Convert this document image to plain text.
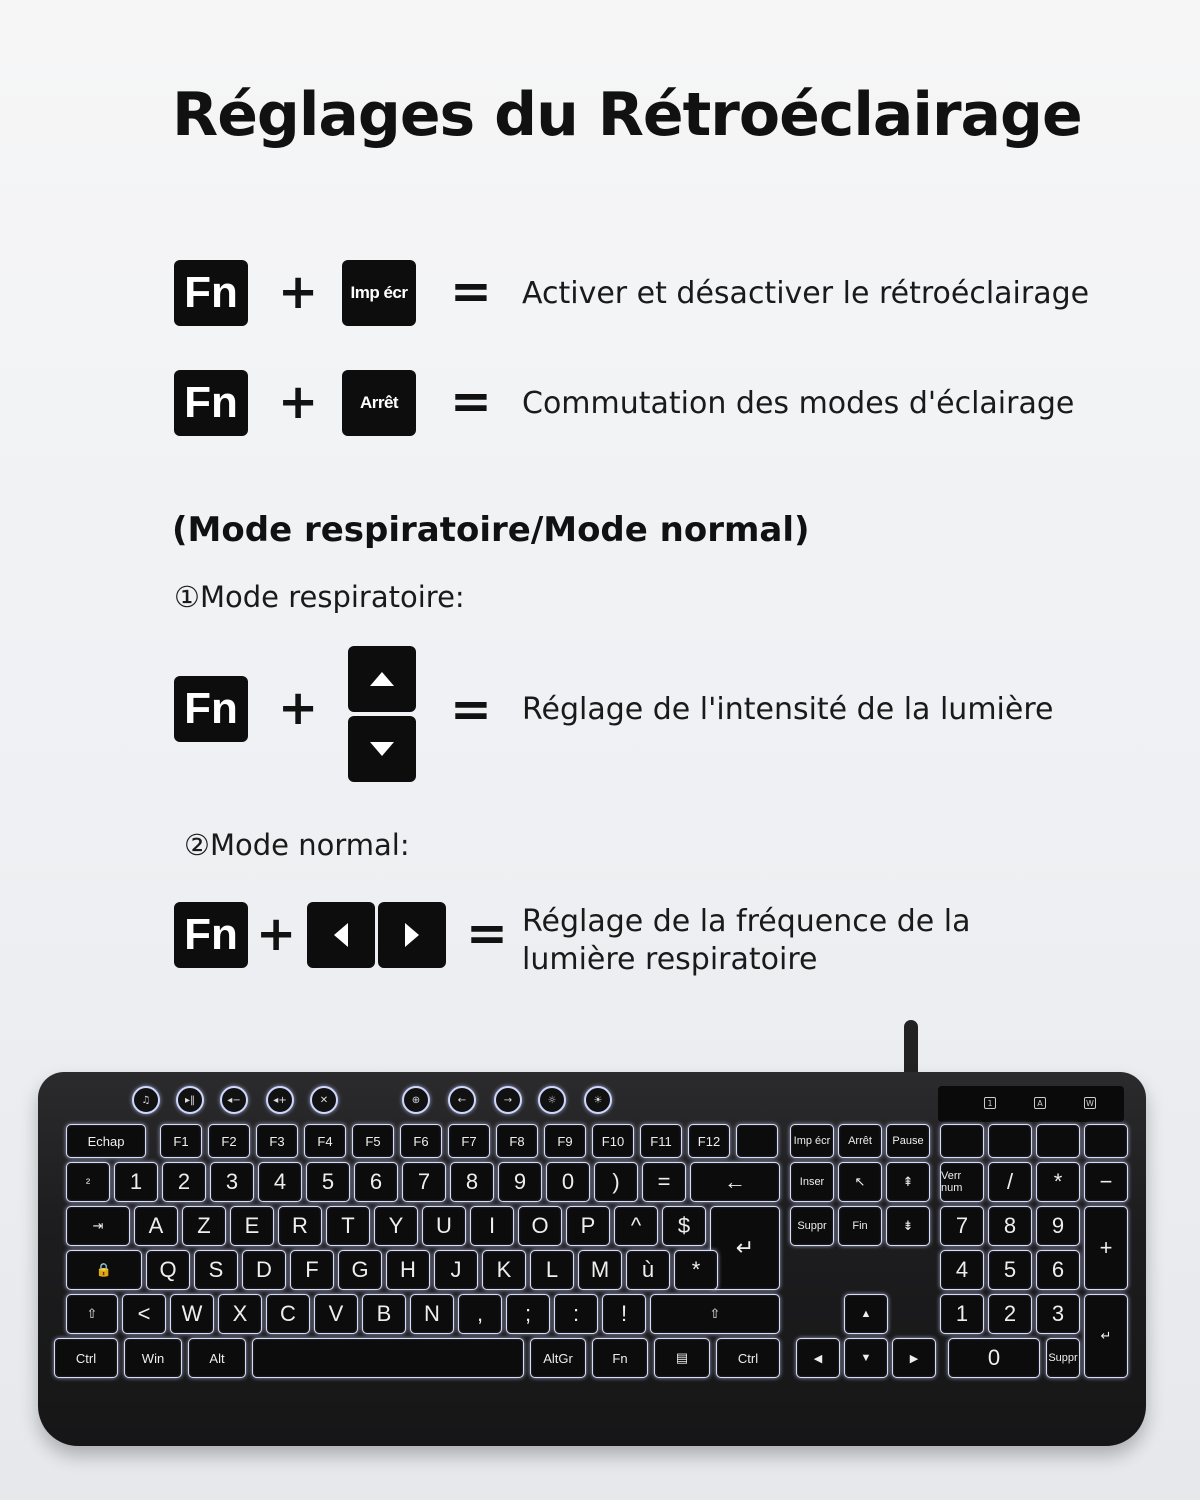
Réglages du Rétroéclairage
Fn +	Imp écr = Activer et désactiver le rétroéclairage
Fn +	Arrêt	= Commutation des modes d'éclairage
(Mode respiratoire/Mode normal)
①Mode respiratoire:
Fn +	= Réglage de l'intensité de la lumière
②Mode normal:
Fn +	= Réglage de la fréquence de la
lumière respiratoire
1	A	W
♫	▸‖	◂−	◂+	✕	⊕	←	→	☼	☀
Echap	F1	F2	F3	F4	F5	F6	F7	F8	F9	F10	F11	F12	Imp écr	Arrêt	Pause
²	1	2	3	4	5	6	7	8	9	0	)	=	←	Inser	↖	⇞	Verr num	/	*	−
⇥	A	Z	E	R	T	Y	U	I	O	P	^	$
↵
Suppr	Fin	⇟	7	8	9
+
🔒	Q	S	D	F	G	H	J	K	L	M	ù	*	4	5	6
⇧	<	W	X	C	V	B	N	,	;	:	!	⇧	▲	1	2	3
↵
Ctrl	Win	Alt	AltGr	Fn	▤	Ctrl	◀	▼	▶	0	Suppr
